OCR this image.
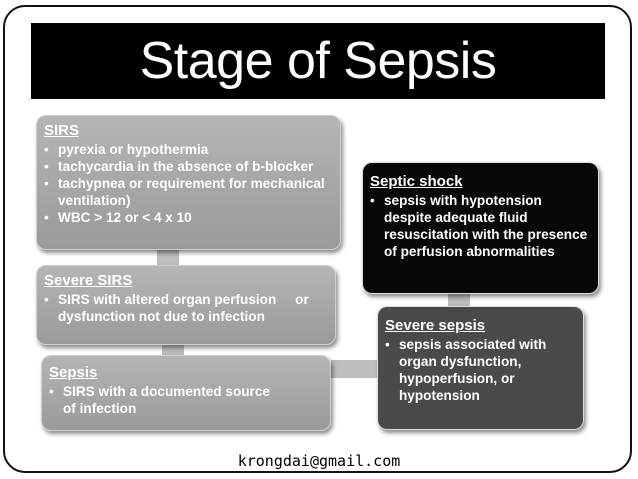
Stage of Sepsis
SIRS
• pyrexia or hypothermia
• tachycardia in the absence of b-blocker
• tachypnea or requirement for mechanical ventilation)
• WBC > 12 or < 4 x 10
Severe SIRS
• SIRS with altered organ perfusion     or dysfunction not due to infection
Sepsis
• SIRS with a documented source of infection
Septic shock
• sepsis with hypotension despite adequate fluid resuscitation with the presence of perfusion abnormalities
Severe sepsis
• sepsis associated with organ dysfunction, hypoperfusion, or hypotension
krongdai@gmail.com
